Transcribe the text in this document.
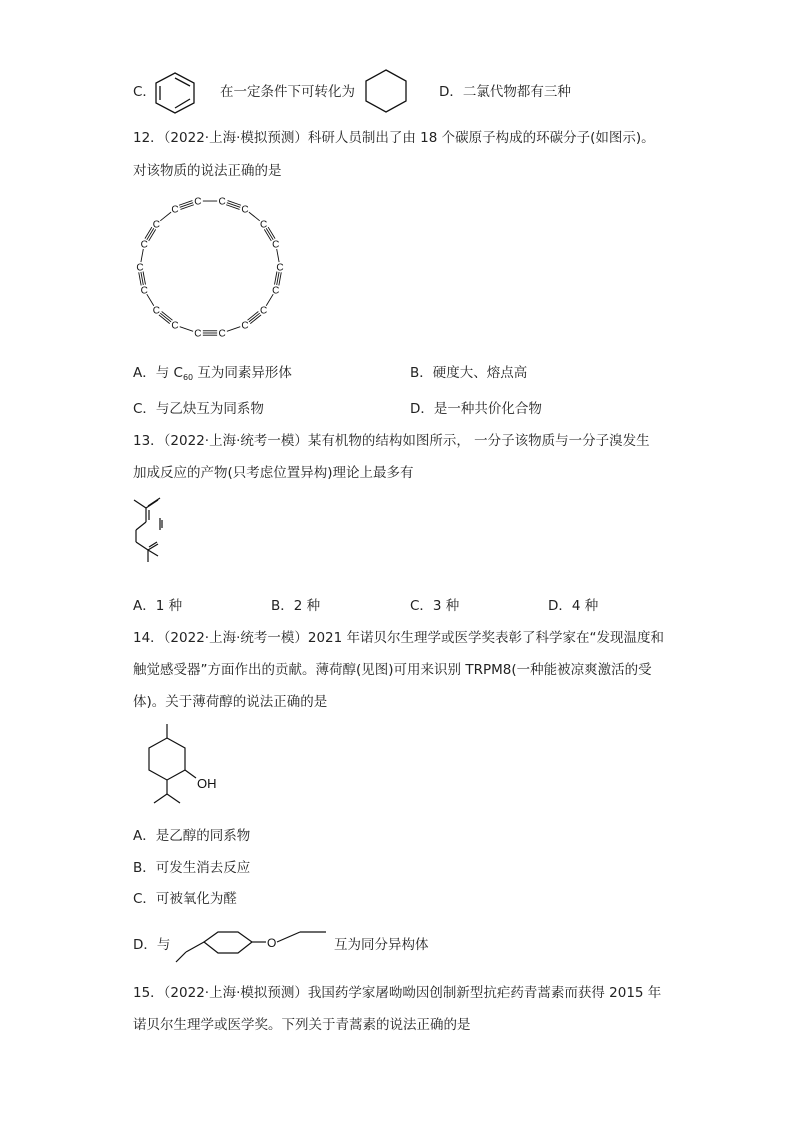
C．	在一定条件下可转化为	D．二氯代物都有三种
12．（2022·上海·模拟预测）科研人员制出了由 18 个碳原子构成的环碳分子(如图示)。
对该物质的说法正确的是
C
C
C
C
C
C
C
C
C
C
C
C
C
C
C
C
C
C
A．与 $C_{60}$ 互为同素异形体	B．硬度大、熔点高
C．与乙炔互为同系物	D．是一种共价化合物
13．（2022·上海·统考一模）某有机物的结构如图所示， 一分子该物质与一分子溴发生
加成反应的产物(只考虑位置异构)理论上最多有
A．1 种	B．2 种	C．3 种	D．4 种
14．（2022·上海·统考一模）2021 年诺贝尔生理学或医学奖表彰了科学家在“发现温度和
触觉感受器”方面作出的贡献。薄荷醇(见图)可用来识别 TRPM8(一种能被凉爽激活的受
体)。关于薄荷醇的说法正确的是
OH
A．是乙醇的同系物
B．可发生消去反应
C．可被氧化为醛
D．与	O	互为同分异构体
15．（2022·上海·模拟预测）我国药学家屠呦呦因创制新型抗疟药青蒿素而获得 2015 年
诺贝尔生理学或医学奖。下列关于青蒿素的说法正确的是
